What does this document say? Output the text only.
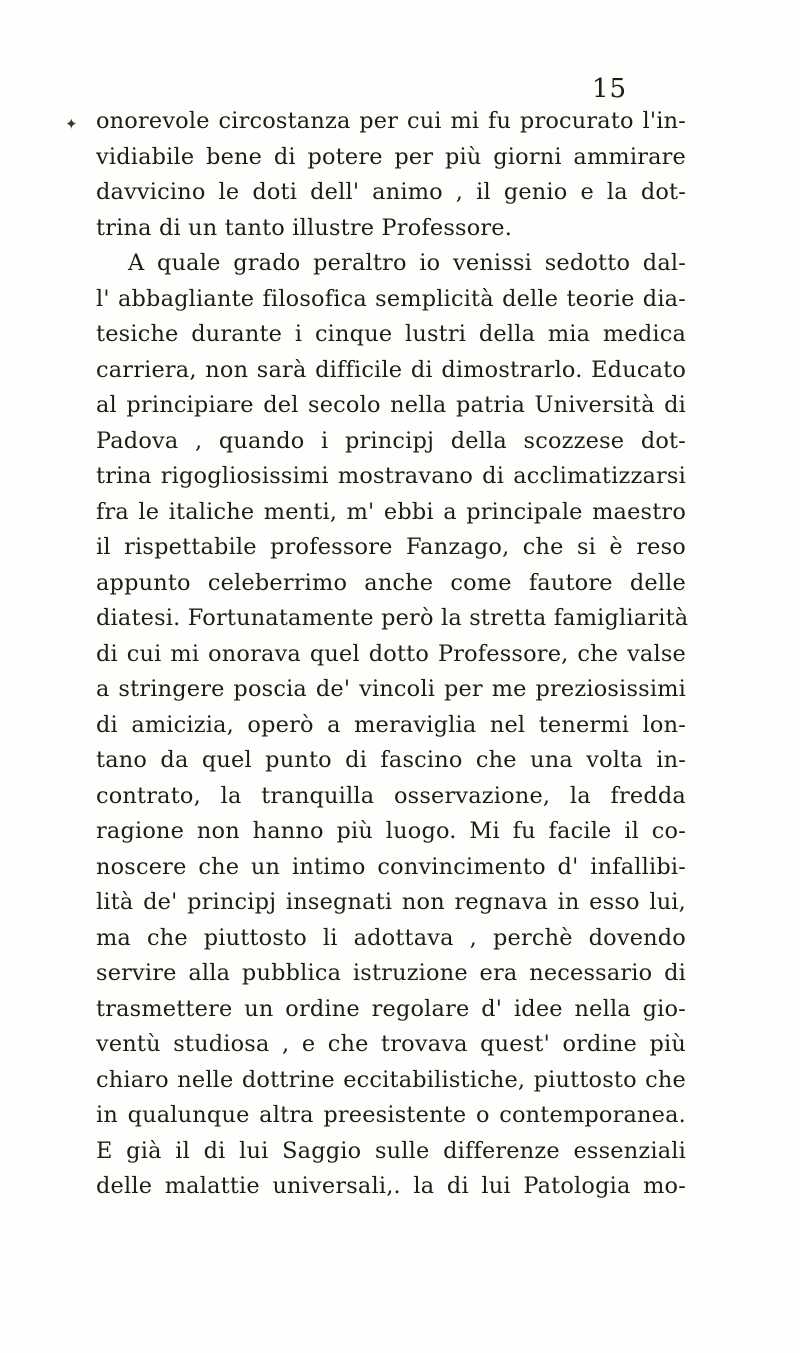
15
✦ onorevole circostanza per cui mi fu procurato l'in-
vidiabile bene di potere per più giorni ammirare
davvicino le doti dell' animo , il genio e la dot-
trina di un tanto illustre Professore.
A quale grado peraltro io venissi sedotto dal-
l' abbagliante filosofica semplicità delle teorie dia-
tesiche durante i cinque lustri della mia medica
carriera, non sarà difficile di dimostrarlo. Educato
al principiare del secolo nella patria Università di
Padova , quando i principj della scozzese dot-
trina rigogliosissimi mostravano di acclimatizzarsi
fra le italiche menti, m' ebbi a principale maestro
il rispettabile professore Fanzago, che si è reso
appunto celeberrimo anche come fautore delle
diatesi. Fortunatamente però la stretta famigliarità
di cui mi onorava quel dotto Professore, che valse
a stringere poscia de' vincoli per me preziosissimi
di amicizia, operò a meraviglia nel tenermi lon-
tano da quel punto di fascino che una volta in-
contrato, la tranquilla osservazione, la fredda
ragione non hanno più luogo. Mi fu facile il co-
noscere che un intimo convincimento d' infallibi-
lità de' principj insegnati non regnava in esso lui,
ma che piuttosto li adottava , perchè dovendo
servire alla pubblica istruzione era necessario di
trasmettere un ordine regolare d' idee nella gio-
ventù studiosa , e che trovava quest' ordine più
chiaro nelle dottrine eccitabilistiche, piuttosto che
in qualunque altra preesistente o contemporanea.
E già il di lui Saggio sulle differenze essenziali
delle malattie universali,. la di lui Patologia mo-
